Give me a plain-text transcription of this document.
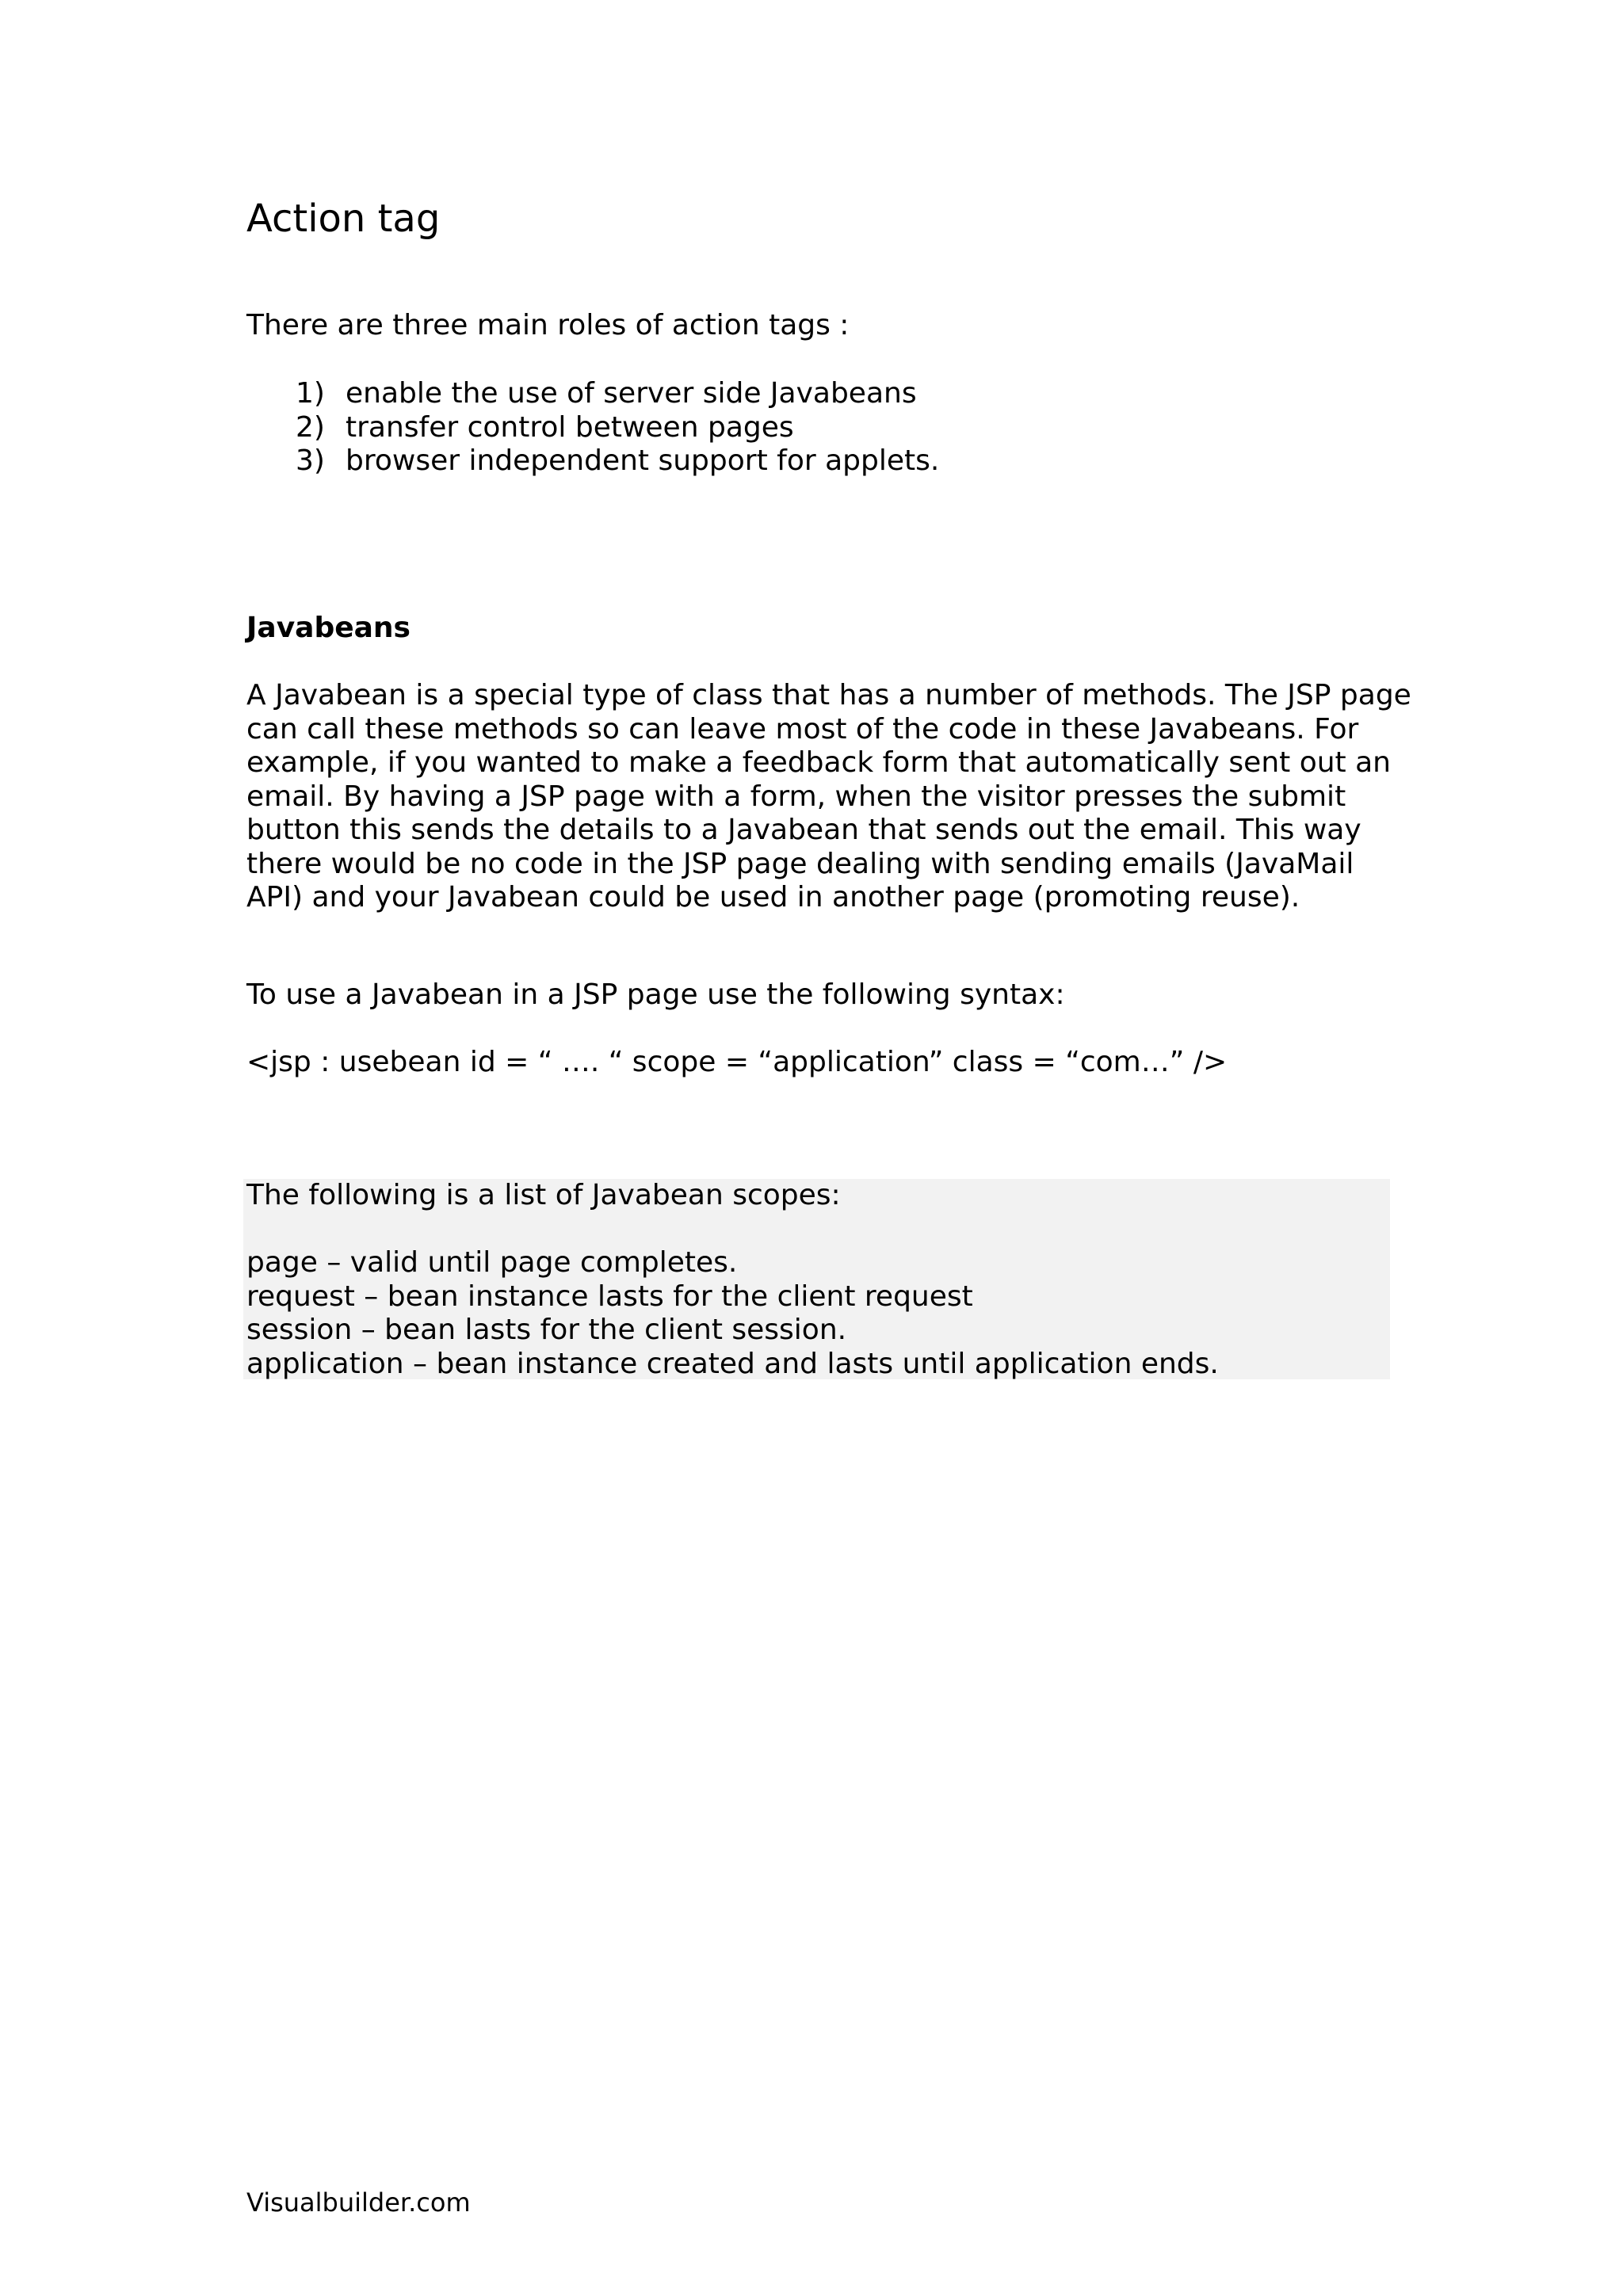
Action tag
There are three main roles of action tags :
1) enable the use of server side Javabeans
2) transfer control between pages
3) browser independent support for applets.
Javabeans
A Javabean is a special type of class that has a number of methods. The JSP page
can call these methods so can leave most of the code in these Javabeans. For
example, if you wanted to make a feedback form that automatically sent out an
email. By having a JSP page with a form, when the visitor presses the submit
button this sends the details to a Javabean that sends out the email. This way
there would be no code in the JSP page dealing with sending emails (JavaMail
API) and your Javabean could be used in another page (promoting reuse).
To use a Javabean in a JSP page use the following syntax:
<jsp : usebean id = “ …. “ scope = “application” class = “com…” />
The following is a list of Javabean scopes:
page – valid until page completes.
request – bean instance lasts for the client request
session – bean lasts for the client session.
application – bean instance created and lasts until application ends.
Visualbuilder.com
